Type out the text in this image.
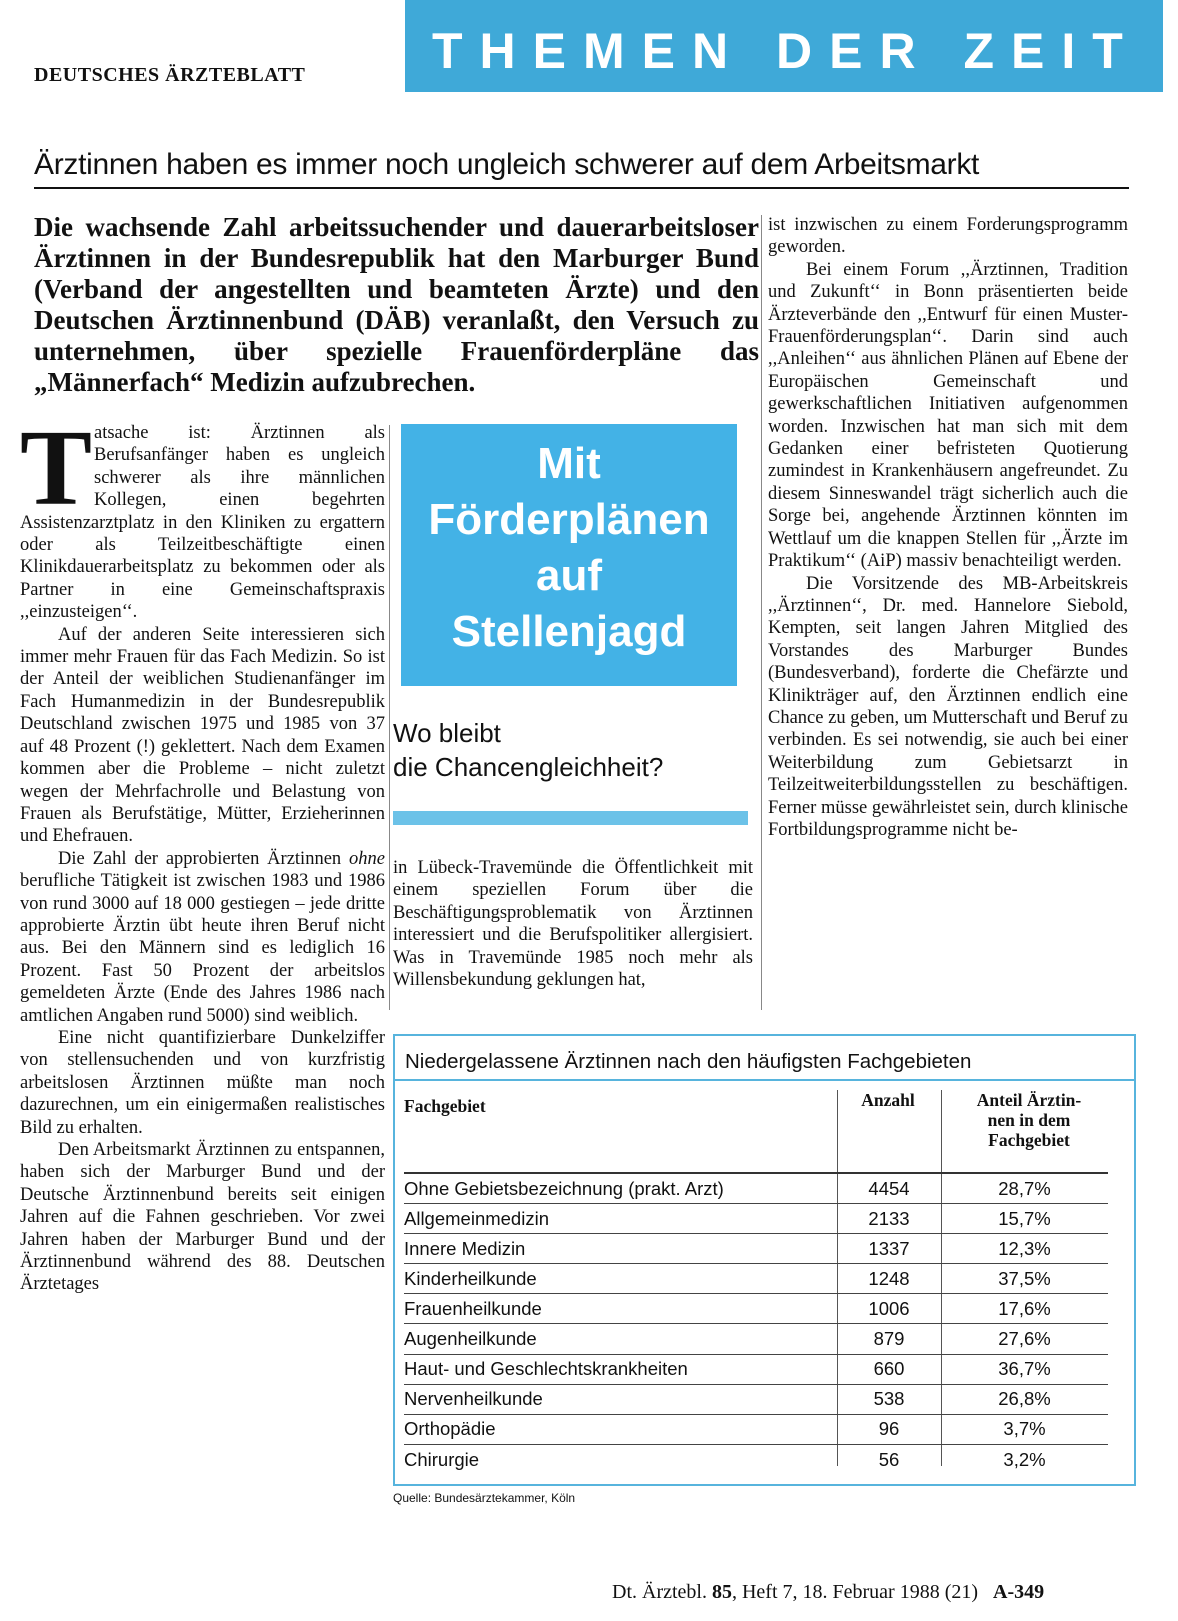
DEUTSCHES ÄRZTEBLATT	THEMEN DER ZEIT
Ärztinnen haben es immer noch ungleich schwerer auf dem Arbeitsmarkt
Die wachsende Zahl arbeitssuchender und dauerarbeitsloser Ärztinnen in der Bundesrepublik hat den Marburger Bund (Verband der angestellten und beamteten Ärzte) und den Deutschen Ärztinnenbund (DÄB) veranlaßt, den Versuch zu unternehmen, über spezielle Frauenförderpläne das „Männerfach“ Medizin aufzubrechen.

Tatsache ist: Ärztinnen als Berufsanfänger haben es ungleich schwerer als ihre männlichen Kollegen, einen begehrten Assistenzarztplatz in den Kliniken zu ergattern oder als Teilzeitbeschäftigte einen Klinikdauerarbeitsplatz zu bekommen oder als Partner in eine Gemeinschaftspraxis ,,einzusteigen‘‘.

Auf der anderen Seite interessieren sich immer mehr Frauen für das Fach Medizin. So ist der Anteil der weiblichen Studienanfänger im Fach Humanmedizin in der Bundesrepublik Deutschland zwischen 1975 und 1985 von 37 auf 48 Prozent (!) geklettert. Nach dem Examen kommen aber die Probleme – nicht zuletzt wegen der Mehrfachrolle und Belastung von Frauen als Berufstätige, Mütter, Erzieherinnen und Ehefrauen.

Die Zahl der approbierten Ärztinnen ohne berufliche Tätigkeit ist zwischen 1983 und 1986 von rund 3000 auf 18 000 gestiegen – jede dritte approbierte Ärztin übt heute ihren Beruf nicht aus. Bei den Männern sind es lediglich 16 Prozent. Fast 50 Prozent der arbeitslos gemeldeten Ärzte (Ende des Jahres 1986 nach amtlichen Angaben rund 5000) sind weiblich.

Eine nicht quantifizierbare Dunkelziffer von stellensuchenden und von kurzfristig arbeitslosen Ärztinnen müßte man noch dazurechnen, um ein einigermaßen realistisches Bild zu erhalten.

Den Arbeitsmarkt Ärztinnen zu entspannen, haben sich der Marburger Bund und der Deutsche Ärztinnenbund bereits seit einigen Jahren auf die Fahnen geschrieben. Vor zwei Jahren haben der Marburger Bund und der Ärztinnenbund während des 88. Deutschen Ärztetages

Mit
Förderplänen
auf
Stellenjagd
Wo bleibt
die Chancengleichheit?

in Lübeck-Travemünde die Öffentlichkeit mit einem speziellen Forum über die Beschäftigungsproblematik von Ärztinnen interessiert und die Berufspolitiker allergisiert. Was in Travemünde 1985 noch mehr als Willensbekundung geklungen hat,

ist inzwischen zu einem Forderungsprogramm geworden.

Bei einem Forum ,,Ärztinnen, Tradition und Zukunft‘‘ in Bonn präsentierten beide Ärzteverbände den ,,Entwurf für einen Muster-Frauenförderungsplan‘‘. Darin sind auch ,,Anleihen‘‘ aus ähnlichen Plänen auf Ebene der Europäischen Gemeinschaft und gewerkschaftlichen Initiativen aufgenommen worden. Inzwischen hat man sich mit dem Gedanken einer befristeten Quotierung zumindest in Krankenhäusern angefreundet. Zu diesem Sinneswandel trägt sicherlich auch die Sorge bei, angehende Ärztinnen könnten im Wettlauf um die knappen Stellen für ,,Ärzte im Praktikum‘‘ (AiP) massiv benachteiligt werden.

Die Vorsitzende des MB-Arbeitskreis ,,Ärztinnen‘‘, Dr. med. Hannelore Siebold, Kempten, seit langen Jahren Mitglied des Vorstandes des Marburger Bundes (Bundesverband), forderte die Chefärzte und Klinikträger auf, den Ärztinnen endlich eine Chance zu geben, um Mutterschaft und Beruf zu verbinden. Es sei notwendig, sie auch bei einer Weiterbildung zum Gebietsarzt in Teilzeitweiterbildungsstellen zu beschäftigen. Ferner müsse gewährleistet sein, durch klinische Fortbildungsprogramme nicht be-

Niedergelassene Ärztinnen nach den häufigsten Fachgebieten
Fachgebiet	Anzahl	Anteil Ärztin-
nen in dem
Fachgebiet
Ohne Gebietsbezeichnung (prakt. Arzt)	4454	28,7%
Allgemeinmedizin	2133	15,7%
Innere Medizin	1337	12,3%
Kinderheilkunde	1248	37,5%
Frauenheilkunde	1006	17,6%
Augenheilkunde	879	27,6%
Haut- und Geschlechtskrankheiten	660	36,7%
Nervenheilkunde	538	26,8%
Orthopädie	96	3,7%
Chirurgie	56	3,2%
Quelle: Bundesärztekammer, Köln
Dt. Ärztebl. 85, Heft 7, 18. Februar 1988 (21) A-349
